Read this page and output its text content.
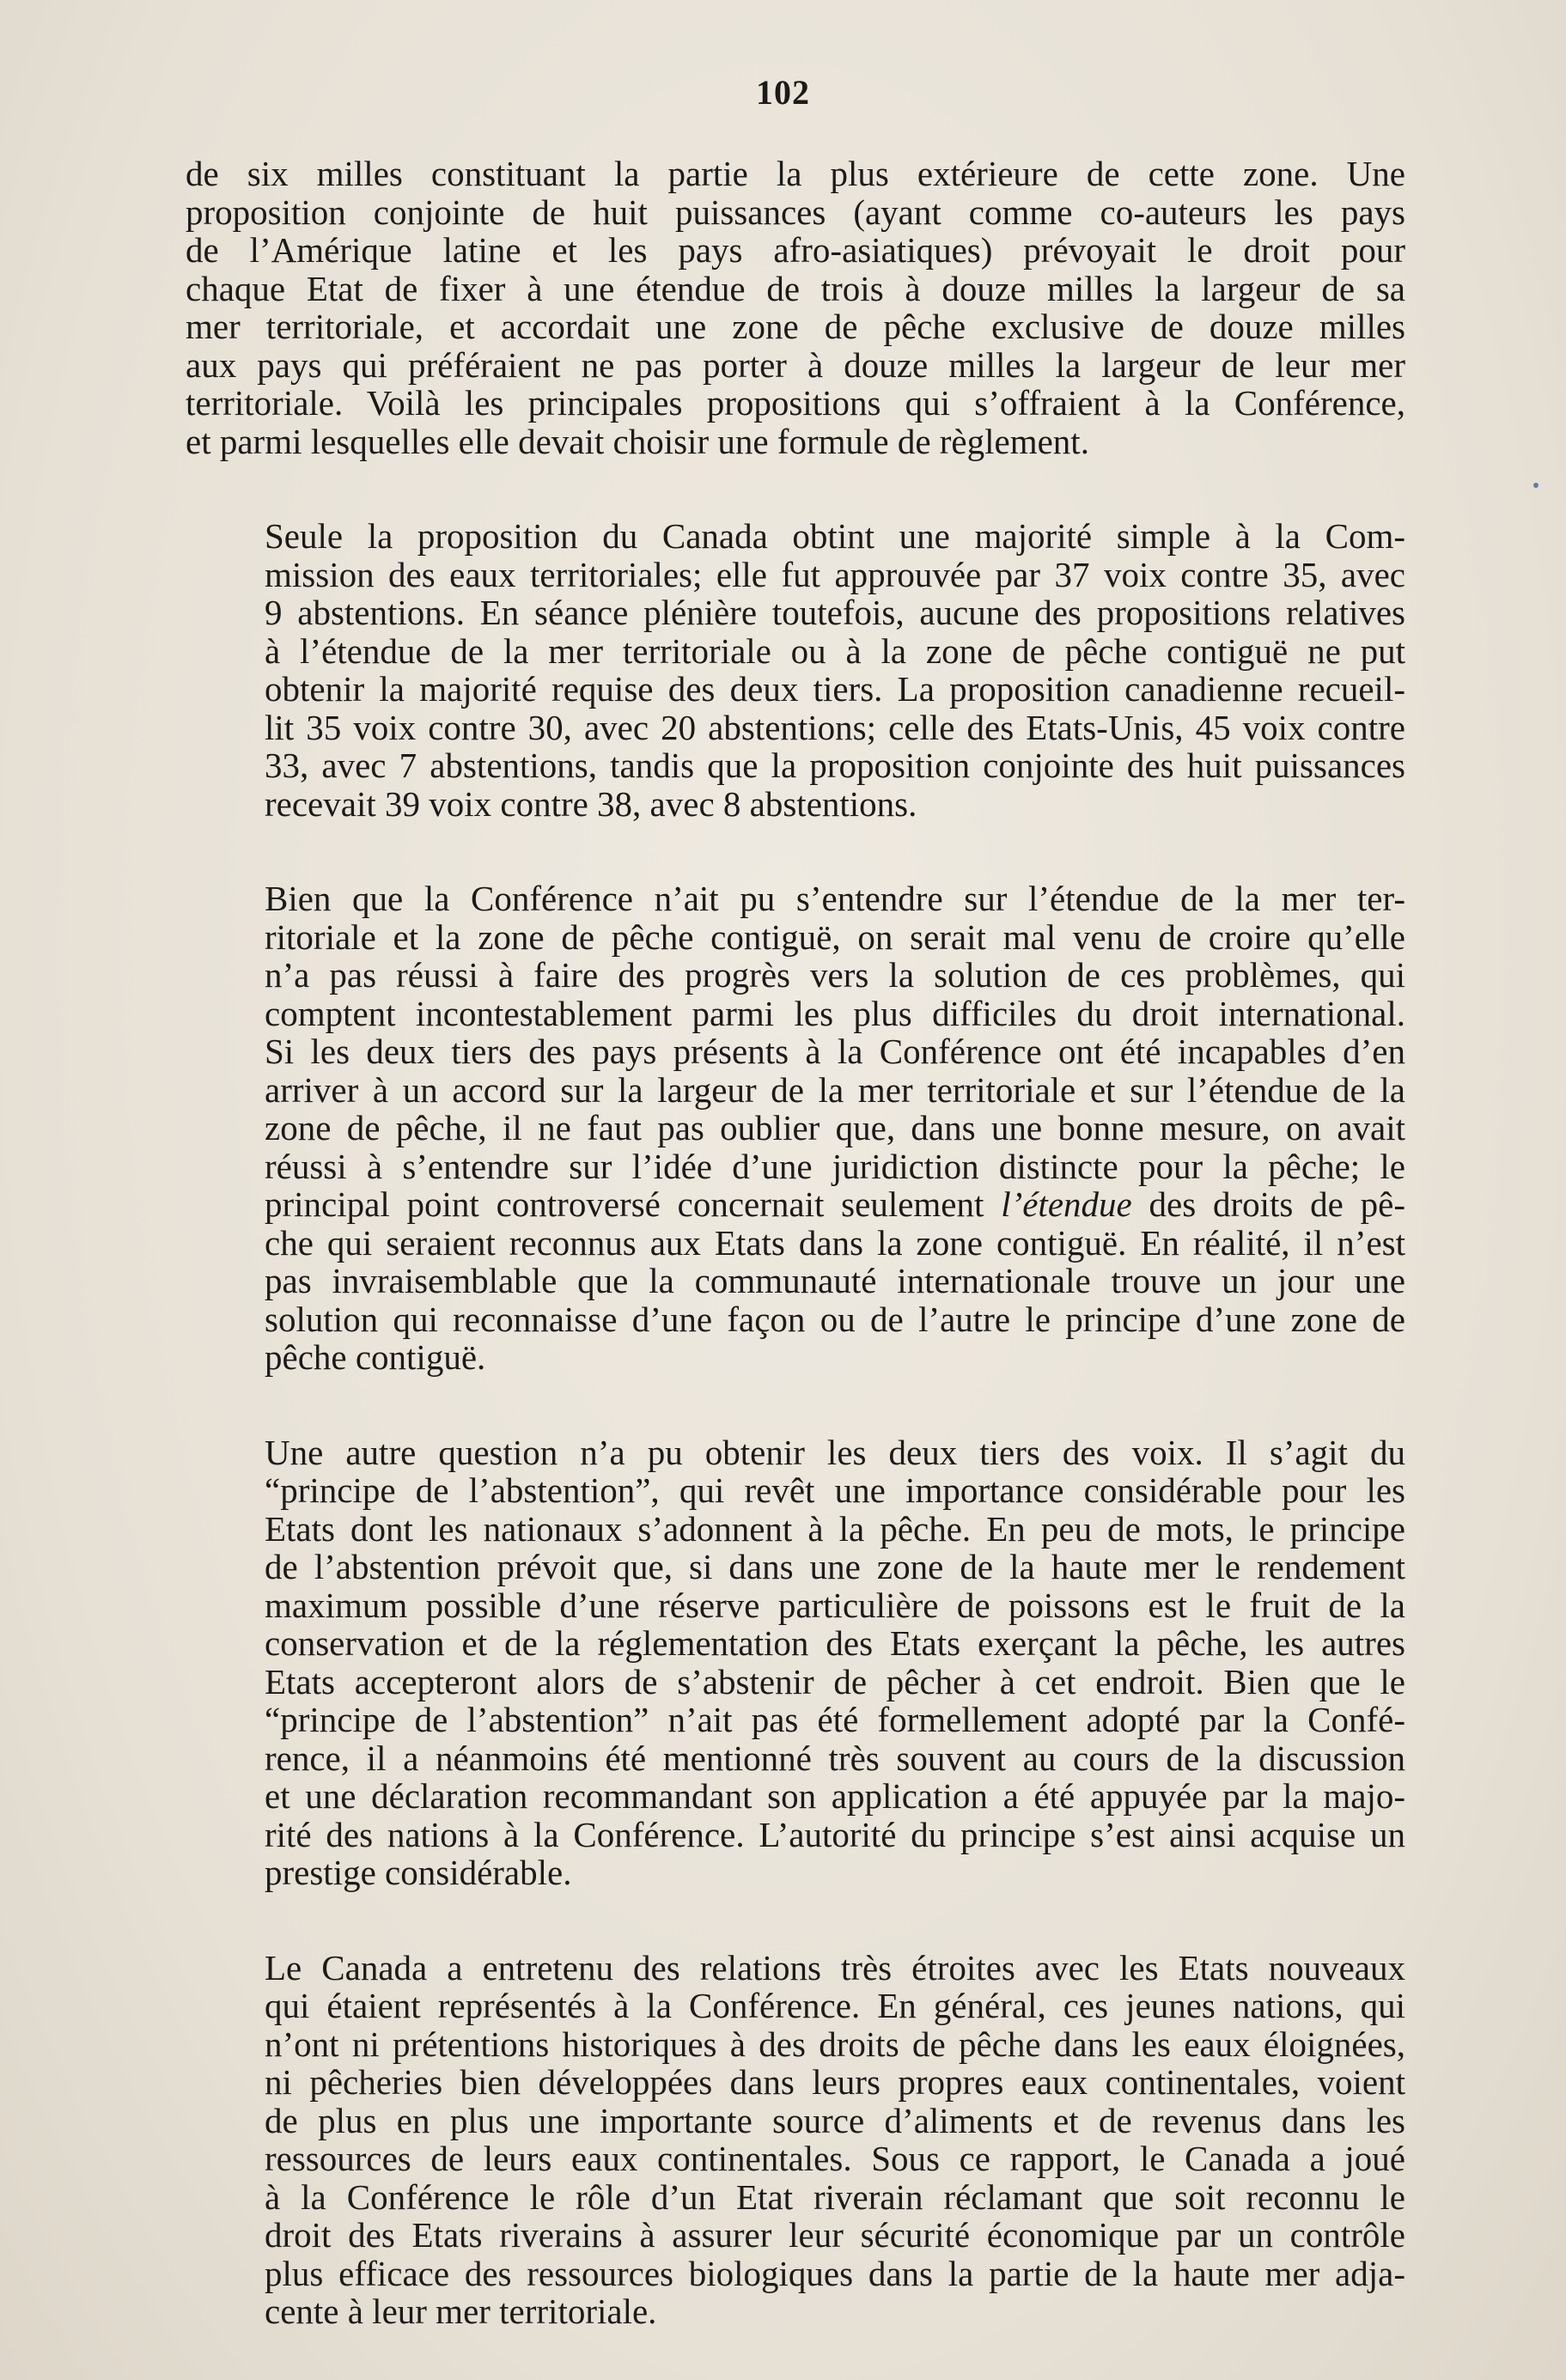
102

de six milles constituant la partie la plus extérieure de cette zone. Une
proposition conjointe de huit puissances (ayant comme co-auteurs les pays
de l’Amérique latine et les pays afro-asiatiques) prévoyait le droit pour
chaque Etat de fixer à une étendue de trois à douze milles la largeur de sa
mer territoriale, et accordait une zone de pêche exclusive de douze milles
aux pays qui préféraient ne pas porter à douze milles la largeur de leur mer
territoriale. Voilà les principales propositions qui s’offraient à la Conférence,
et parmi lesquelles elle devait choisir une formule de règlement.

Seule la proposition du Canada obtint une majorité simple à la Com-
mission des eaux territoriales; elle fut approuvée par 37 voix contre 35, avec
9 abstentions. En séance plénière toutefois, aucune des propositions relatives
à l’étendue de la mer territoriale ou à la zone de pêche contiguë ne put
obtenir la majorité requise des deux tiers. La proposition canadienne recueil-
lit 35 voix contre 30, avec 20 abstentions; celle des Etats-Unis, 45 voix contre
33, avec 7 abstentions, tandis que la proposition conjointe des huit puissances
recevait 39 voix contre 38, avec 8 abstentions.

Bien que la Conférence n’ait pu s’entendre sur l’étendue de la mer ter-
ritoriale et la zone de pêche contiguë, on serait mal venu de croire qu’elle
n’a pas réussi à faire des progrès vers la solution de ces problèmes, qui
comptent incontestablement parmi les plus difficiles du droit international.
Si les deux tiers des pays présents à la Conférence ont été incapables d’en
arriver à un accord sur la largeur de la mer territoriale et sur l’étendue de la
zone de pêche, il ne faut pas oublier que, dans une bonne mesure, on avait
réussi à s’entendre sur l’idée d’une juridiction distincte pour la pêche; le
principal point controversé concernait seulement l’étendue des droits de pê-
che qui seraient reconnus aux Etats dans la zone contiguë. En réalité, il n’est
pas invraisemblable que la communauté internationale trouve un jour une
solution qui reconnaisse d’une façon ou de l’autre le principe d’une zone de
pêche contiguë.

Une autre question n’a pu obtenir les deux tiers des voix. Il s’agit du
“principe de l’abstention”, qui revêt une importance considérable pour les
Etats dont les nationaux s’adonnent à la pêche. En peu de mots, le principe
de l’abstention prévoit que, si dans une zone de la haute mer le rendement
maximum possible d’une réserve particulière de poissons est le fruit de la
conservation et de la réglementation des Etats exerçant la pêche, les autres
Etats accepteront alors de s’abstenir de pêcher à cet endroit. Bien que le
“principe de l’abstention” n’ait pas été formellement adopté par la Confé-
rence, il a néanmoins été mentionné très souvent au cours de la discussion
et une déclaration recommandant son application a été appuyée par la majo-
rité des nations à la Conférence. L’autorité du principe s’est ainsi acquise un
prestige considérable.

Le Canada a entretenu des relations très étroites avec les Etats nouveaux
qui étaient représentés à la Conférence. En général, ces jeunes nations, qui
n’ont ni prétentions historiques à des droits de pêche dans les eaux éloignées,
ni pêcheries bien développées dans leurs propres eaux continentales, voient
de plus en plus une importante source d’aliments et de revenus dans les
ressources de leurs eaux continentales. Sous ce rapport, le Canada a joué
à la Conférence le rôle d’un Etat riverain réclamant que soit reconnu le
droit des Etats riverains à assurer leur sécurité économique par un contrôle
plus efficace des ressources biologiques dans la partie de la haute mer adja-
cente à leur mer territoriale.
